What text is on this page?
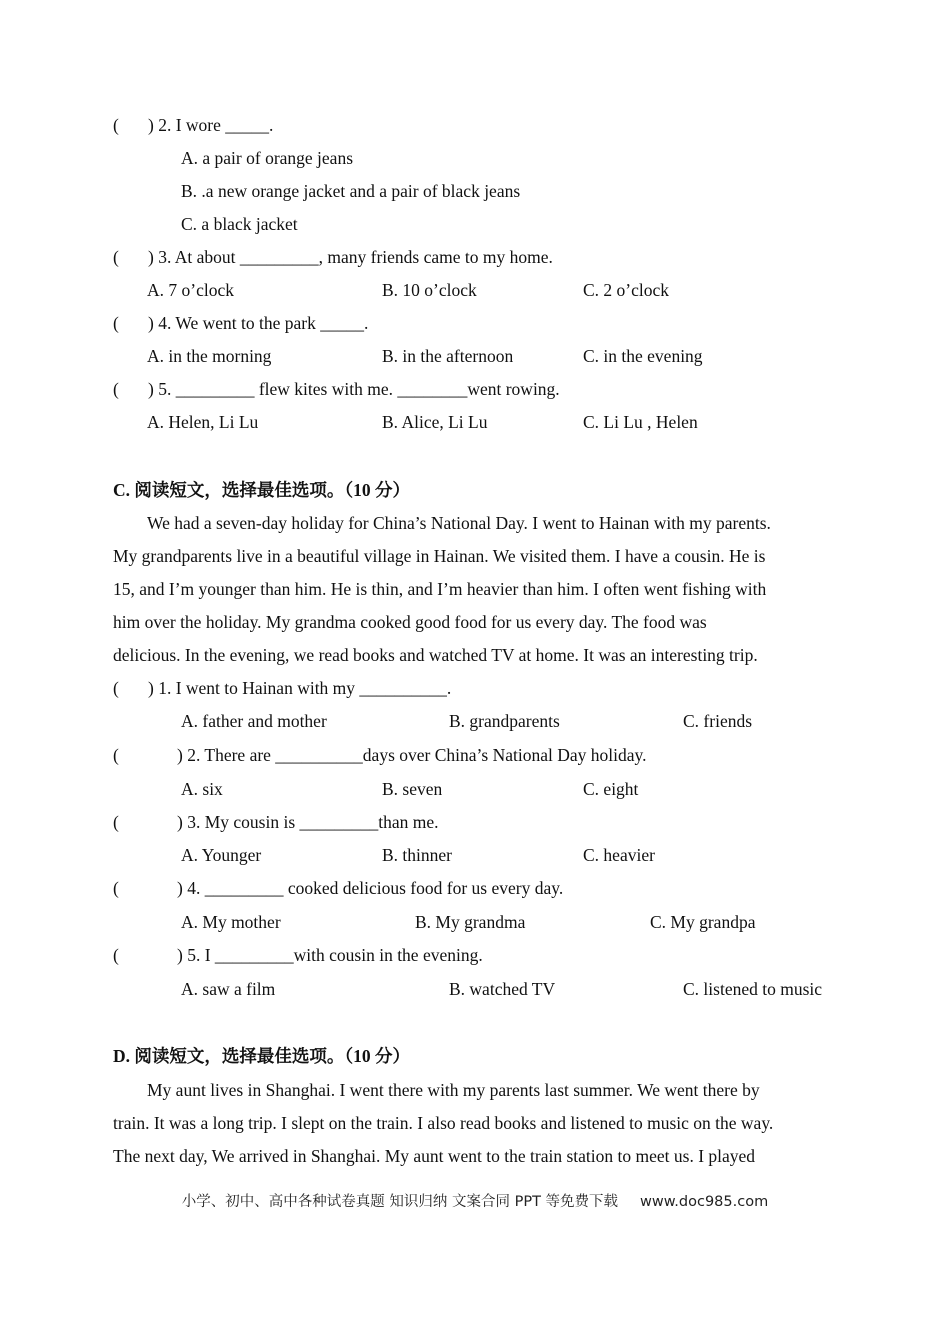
( ) 2. I wore _____.
A. a pair of orange jeans
B. .a new orange jacket and a pair of black jeans
C. a black jacket
( ) 3. At about _________, many friends came to my home.
A. 7 o’clock	B. 10 o’clock	C. 2 o’clock
( ) 4. We went to the park _____.
A. in the morning	B. in the afternoon	C. in the evening
( ) 5. _________ flew kites with me. ________went rowing.
A. Helen, Li Lu	B. Alice, Li Lu	C. Li Lu , Helen
C. 阅读短文，选择最佳选项。（10 分）
We had a seven-day holiday for China’s National Day. I went to Hainan with my parents.
My grandparents live in a beautiful village in Hainan. We visited them. I have a cousin. He is
15, and I’m younger than him. He is thin, and I’m heavier than him. I often went fishing with
him over the holiday. My grandma cooked good food for us every day. The food was
delicious. In the evening, we read books and watched TV at home. It was an interesting trip.
( ) 1. I went to Hainan with my __________.
A. father and mother	B. grandparents	C. friends
(	) 2. There are __________days over China’s National Day holiday.
A. six	B. seven	C. eight
(	) 3. My cousin is _________than me.
A. Younger	B. thinner	C. heavier
(	) 4. _________ cooked delicious food for us every day.
A. My mother	B. My grandma	C. My grandpa
(	) 5. I _________with cousin in the evening.
A. saw a film	B. watched TV	C. listened to music
D. 阅读短文，选择最佳选项。（10 分）
My aunt lives in Shanghai. I went there with my parents last summer. We went there by
train. It was a long trip. I slept on the train. I also read books and listened to music on the way.
The next day, We arrived in Shanghai. My aunt went to the train station to meet us. I played
小学、初中、高中各种试卷真题 知识归纳 文案合同 PPT 等免费下载 www.doc985.com
